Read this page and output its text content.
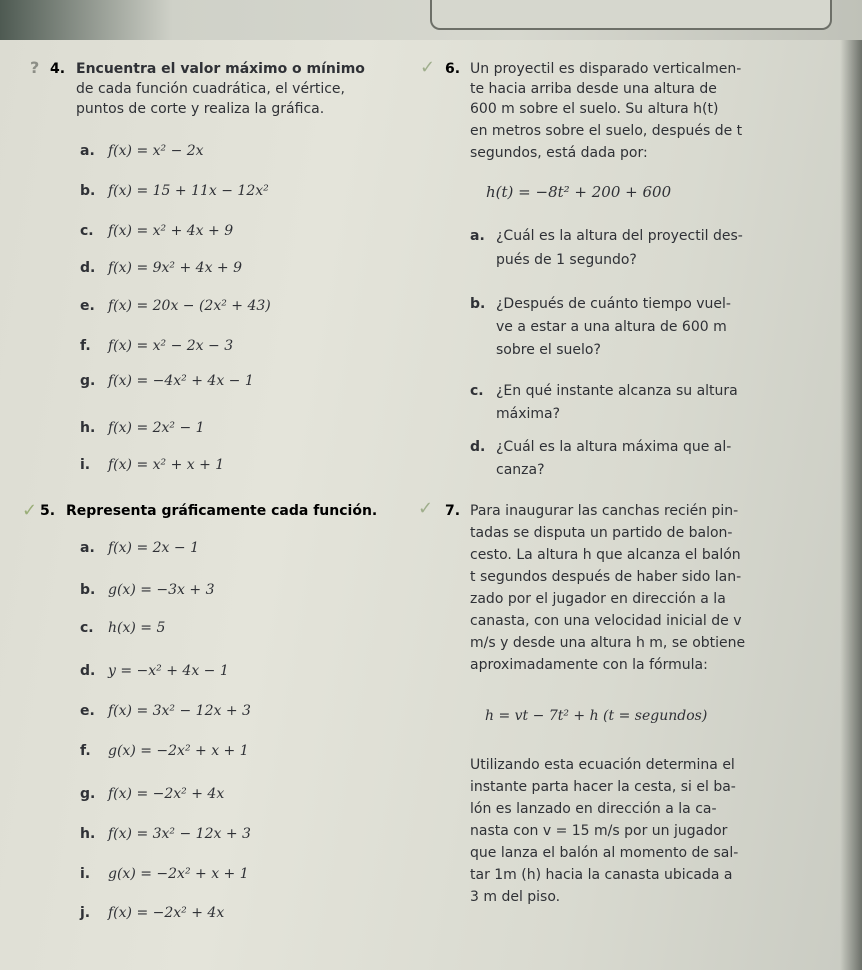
? 4. Encuentra el valor máximo o mínimo
de cada función cuadrática, el vértice,
puntos de corte y realiza la gráfica.
a. f(x) = x² − 2x
b. f(x) = 15 + 11x − 12x²
c. f(x) = x² + 4x + 9
d. f(x) = 9x² + 4x + 9
e. f(x) = 20x − (2x² + 43)
f. f(x) = x² − 2x − 3
g. f(x) = −4x² + 4x − 1
h. f(x) = 2x² − 1
i. f(x) = x² + x + 1
✓ 5. Representa gráficamente cada función.
a. f(x) = 2x − 1
b. g(x) = −3x + 3
c. h(x) = 5
d. y = −x² + 4x − 1
e. f(x) = 3x² − 12x + 3
f. g(x) = −2x² + x + 1
g. f(x) = −2x² + 4x
h. f(x) = 3x² − 12x + 3
i. g(x) = −2x² + x + 1
j. f(x) = −2x² + 4x
✓ 6. Un proyectil es disparado verticalmen-
te hacia arriba desde una altura de
600 m sobre el suelo. Su altura h(t)
en metros sobre el suelo, después de t
segundos, está dada por:
h(t) = −8t² + 200 + 600
a. ¿Cuál es la altura del proyectil des-
pués de 1 segundo?
b. ¿Después de cuánto tiempo vuel-
ve a estar a una altura de 600 m
sobre el suelo?
c. ¿En qué instante alcanza su altura
máxima?
d. ¿Cuál es la altura máxima que al-
canza?
✓ 7. Para inaugurar las canchas recién pin-
tadas se disputa un partido de balon-
cesto. La altura h que alcanza el balón
t segundos después de haber sido lan-
zado por el jugador en dirección a la
canasta, con una velocidad inicial de v
m/s y desde una altura h m, se obtiene
aproximadamente con la fórmula:
h = vt − 7t² + h (t = segundos)
Utilizando esta ecuación determina el
instante parta hacer la cesta, si el ba-
lón es lanzado en dirección a la ca-
nasta con v = 15 m/s por un jugador
que lanza el balón al momento de sal-
tar 1m (h) hacia la canasta ubicada a
3 m del piso.
